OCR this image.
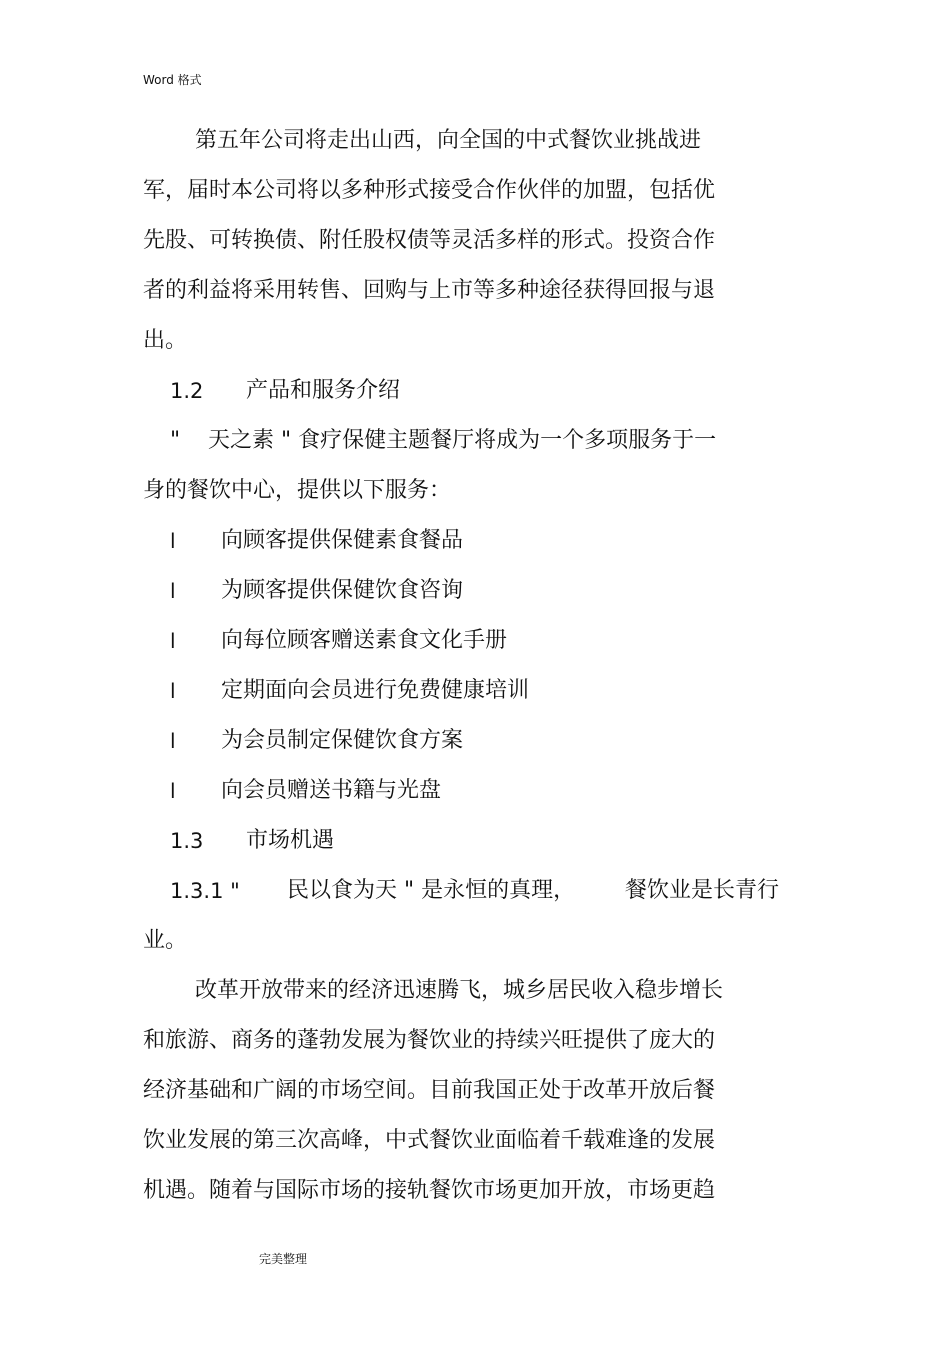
Word 格式
第五年公司将走出山西，向全国的中式餐饮业挑战进
军，届时本公司将以多种形式接受合作伙伴的加盟，包括优
先股、可转换债、附任股权债等灵活多样的形式。投资合作
者的利益将采用转售、回购与上市等多种途径获得回报与退
出。
1.2 产品和服务介绍
" 天之素 " 食疗保健主题餐厅将成为一个多项服务于一
身的餐饮中心，提供以下服务：
l 向顾客提供保健素食餐品
l 为顾客提供保健饮食咨询
l 向每位顾客赠送素食文化手册
l 定期面向会员进行免费健康培训
l 为会员制定保健饮食方案
l 向会员赠送书籍与光盘
1.3 市场机遇
1.3.1 " 民以食为天 " 是永恒的真理， 餐饮业是长青行
业。
改革开放带来的经济迅速腾飞，城乡居民收入稳步增长
和旅游、商务的蓬勃发展为餐饮业的持续兴旺提供了庞大的
经济基础和广阔的市场空间。目前我国正处于改革开放后餐
饮业发展的第三次高峰，中式餐饮业面临着千载难逢的发展
机遇。随着与国际市场的接轨餐饮市场更加开放，市场更趋
完美整理
